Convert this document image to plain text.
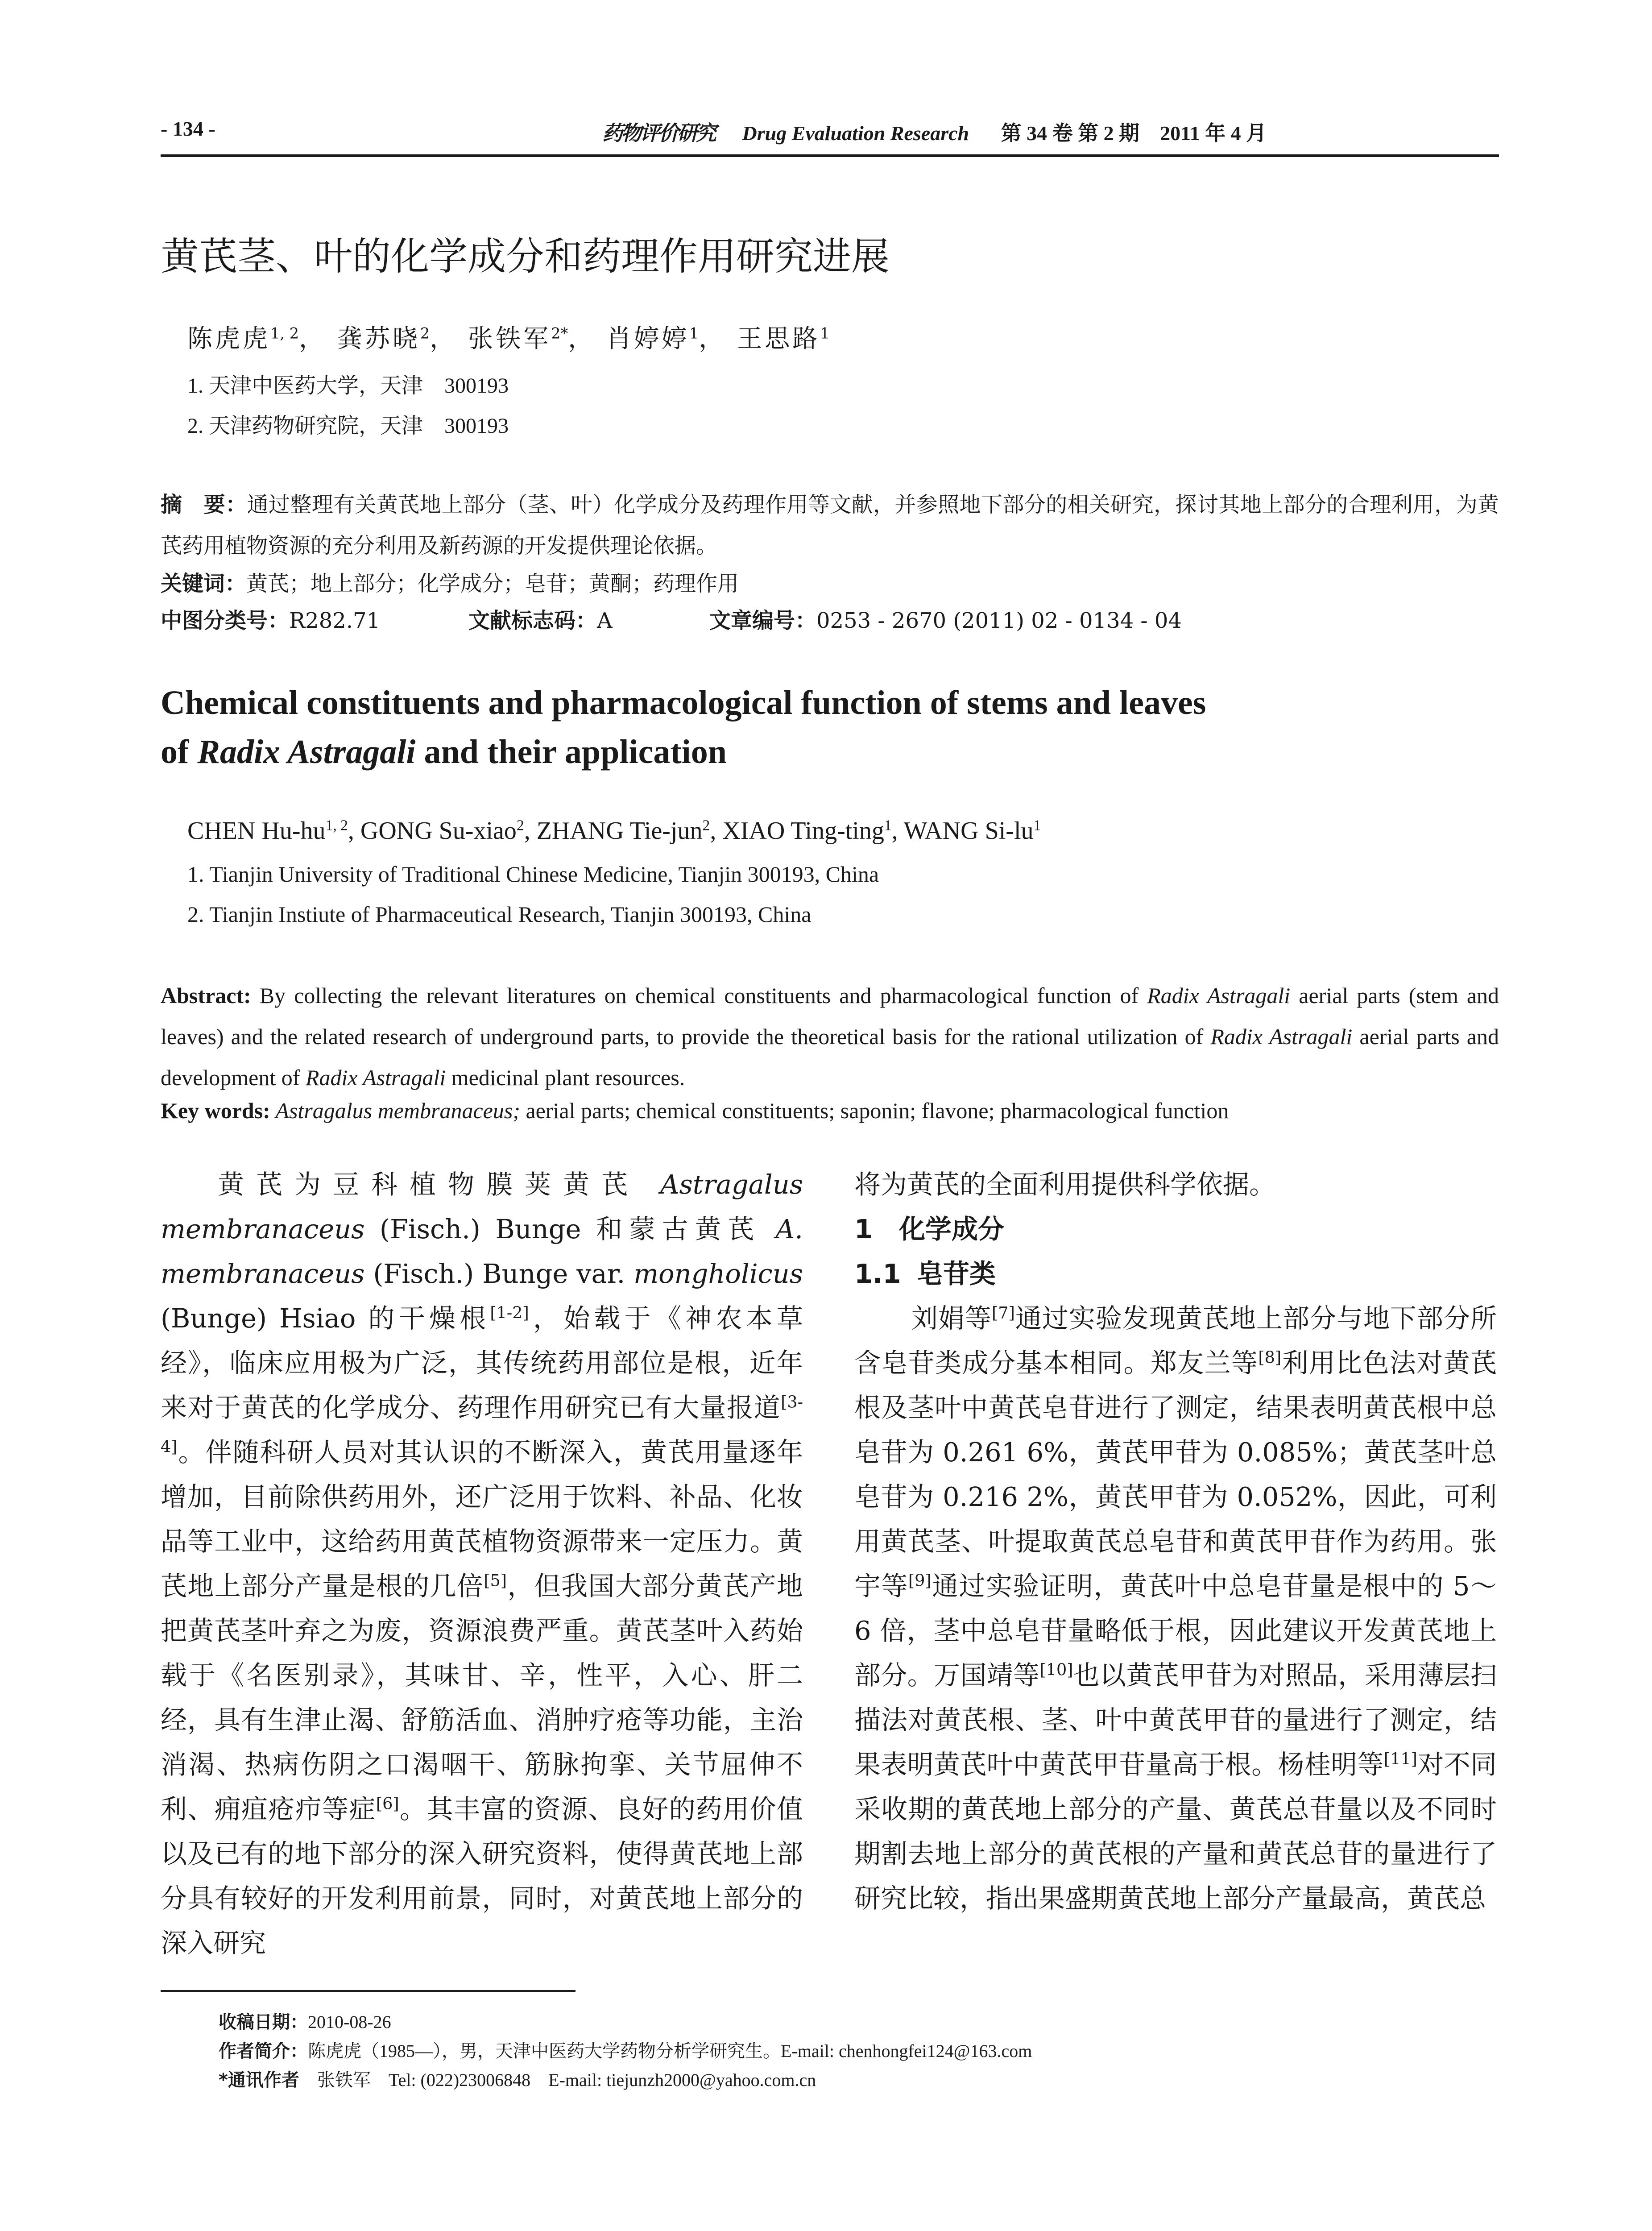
- 134 -	药物评价研究 Drug Evaluation Research 第 34 卷 第 2 期　2011 年 4 月
黄芪茎、叶的化学成分和药理作用研究进展
陈虎虎$^{1, 2}$， 龚苏晓$^2$， 张铁军$^{2*}$， 肖婷婷$^1$， 王思路$^1$
1. 天津中医药大学，天津　300193
2. 天津药物研究院，天津　300193
摘　要：通过整理有关黄芪地上部分（茎、叶）化学成分及药理作用等文献，并参照地下部分的相关研究，探讨其地上部分的合理利用，为黄芪药用植物资源的充分利用及新药源的开发提供理论依据。
关键词：黄芪；地上部分；化学成分；皂苷；黄酮；药理作用
中图分类号：R282.71	文献标志码：A	文章编号：0253 - 2670 (2011) 02 - 0134 - 04
Chemical constituents and pharmacological function of stems and leaves
of Radix Astragali and their application
CHEN Hu-hu$^{1, 2}$, GONG Su-xiao$^2$, ZHANG Tie-jun$^2$, XIAO Ting-ting$^1$, WANG $Si-lu^1$
1. Tianjin University of Traditional Chinese Medicine, Tianjin 300193, China
2. Tianjin Instiute of Pharmaceutical Research, Tianjin 300193, China
Abstract: By collecting the relevant literatures on chemical constituents and pharmacological function of Radix Astragali aerial parts (stem and leaves) and the related research of underground parts, to provide the theoretical basis for the rational utilization of Radix Astragali aerial parts and development of Radix Astragali medicinal plant resources.
Key words: Astragalus membranaceus; aerial parts; chemical constituents; saponin; flavone; pharmacological function

黄芪为豆科植物膜荚黄芪 Astragalus membranaceus (Fisch.) Bunge 和蒙古黄芪 A. membranaceus (Fisch.) Bunge var. mongholicus (Bunge) Hsiao 的干燥根[1-2]，始载于《神农本草经》，临床应用极为广泛，其传统药用部位是根，近年来对于黄芪的化学成分、药理作用研究已有大量报道[3-4]。伴随科研人员对其认识的不断深入，黄芪用量逐年增加，目前除供药用外，还广泛用于饮料、补品、化妆品等工业中，这给药用黄芪植物资源带来一定压力。黄芪地上部分产量是根的几倍[5]，但我国大部分黄芪产地把黄芪茎叶弃之为废，资源浪费严重。黄芪茎叶入药始载于《名医别录》，其味甘、辛，性平，入心、肝二经，具有生津止渴、舒筋活血、消肿疗疮等功能，主治消渴、热病伤阴之口渴咽干、筋脉拘挛、关节屈伸不利、痈疽疮疖等症[6]。其丰富的资源、良好的药用价值以及已有的地下部分的深入研究资料，使得黄芪地上部分具有较好的开发利用前景，同时，对黄芪地上部分的深入研究

将为黄芪的全面利用提供科学依据。

1 化学成分

1.1 皂苷类

刘娟等[7]通过实验发现黄芪地上部分与地下部分所含皂苷类成分基本相同。郑友兰等[8]利用比色法对黄芪根及茎叶中黄芪皂苷进行了测定，结果表明黄芪根中总皂苷为 0.261 6%，黄芪甲苷为 0.085%；黄芪茎叶总皂苷为 0.216 2%，黄芪甲苷为 0.052%，因此，可利用黄芪茎、叶提取黄芪总皂苷和黄芪甲苷作为药用。张宇等[9]通过实验证明，黄芪叶中总皂苷量是根中的 5～6 倍，茎中总皂苷量略低于根，因此建议开发黄芪地上部分。万国靖等[10]也以黄芪甲苷为对照品，采用薄层扫描法对黄芪根、茎、叶中黄芪甲苷的量进行了测定，结果表明黄芪叶中黄芪甲苷量高于根。杨桂明等[11]对不同采收期的黄芪地上部分的产量、黄芪总苷量以及不同时期割去地上部分的黄芪根的产量和黄芪总苷的量进行了研究比较，指出果盛期黄芪地上部分产量最高，黄芪总

收稿日期：2010-08-26
作者简介：陈虎虎（1985—），男，天津中医药大学药物分析学研究生。E-mail: chenhongfei124@163.com
*通讯作者　张铁军　Tel: (022)23006848　E-mail: tiejunzh2000@yahoo.com.cn
